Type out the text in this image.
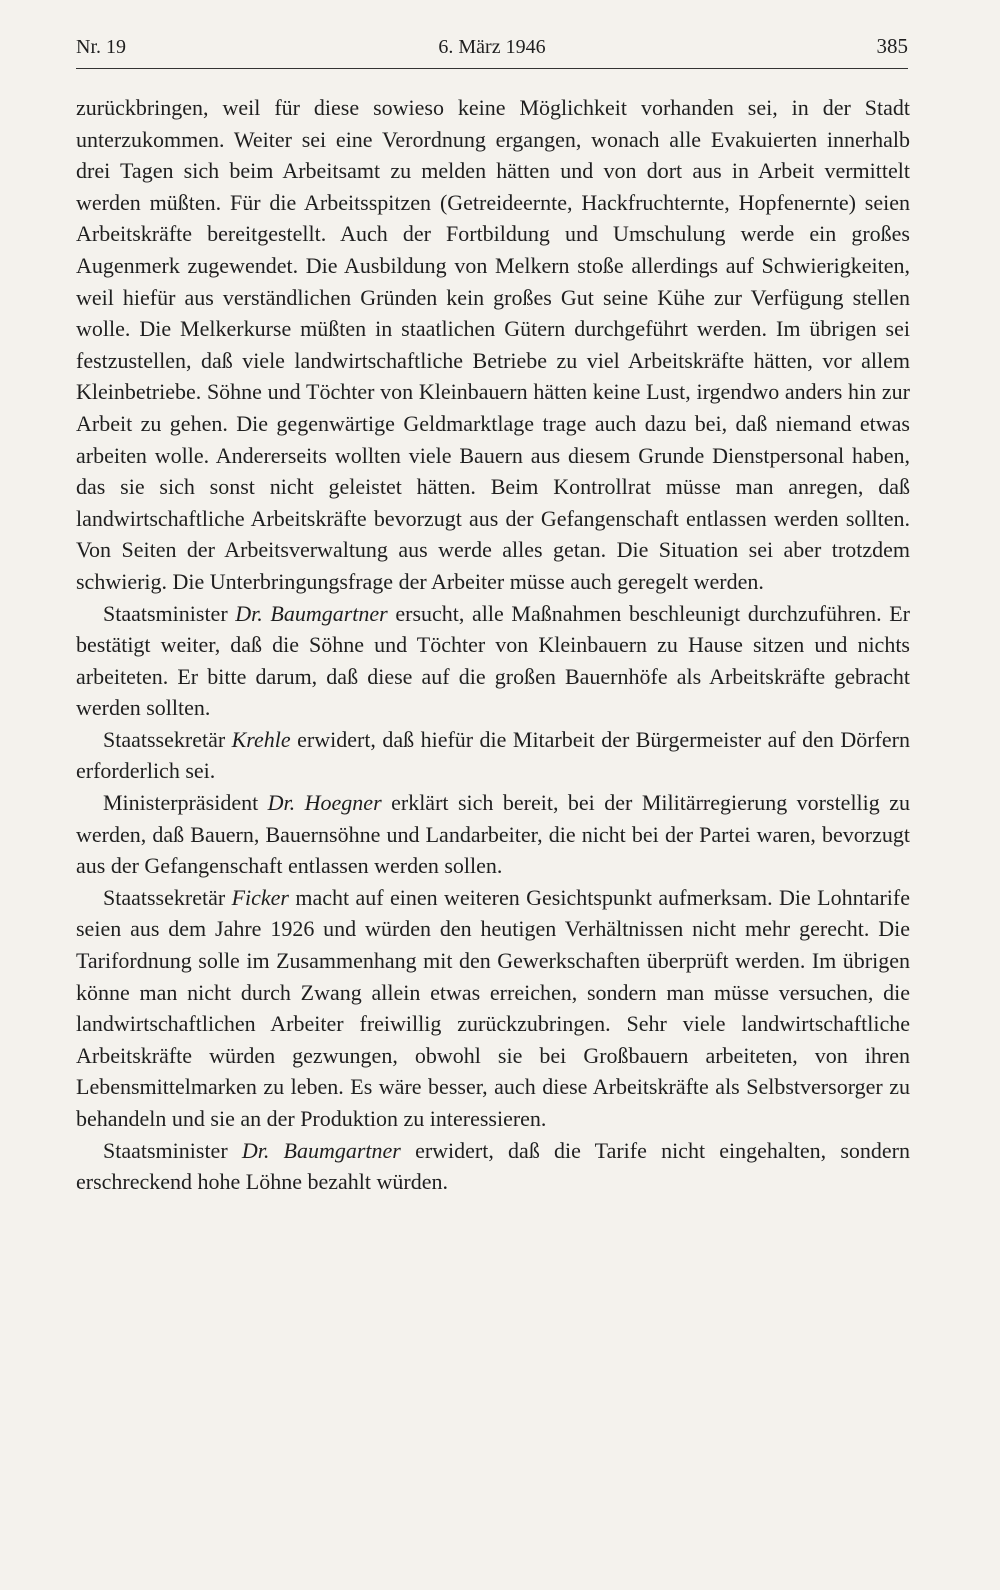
Nr. 19	6. März 1946	385

zurückbringen, weil für diese sowieso keine Möglichkeit vorhanden sei, in der Stadt unterzukommen. Weiter sei eine Verordnung ergangen, wonach alle Evakuierten innerhalb drei Tagen sich beim Arbeitsamt zu melden hätten und von dort aus in Arbeit vermittelt werden müßten. Für die Arbeitsspitzen (Getreideernte, Hackfruchternte, Hopfenernte) seien Arbeitskräfte bereitgestellt. Auch der Fortbildung und Umschulung werde ein großes Augenmerk zugewendet. Die Ausbildung von Melkern stoße allerdings auf Schwierigkeiten, weil hiefür aus verständlichen Gründen kein großes Gut seine Kühe zur Verfügung stellen wolle. Die Melkerkurse müßten in staatlichen Gütern durchgeführt werden. Im übrigen sei festzustellen, daß viele landwirtschaftliche Betriebe zu viel Arbeitskräfte hätten, vor allem Kleinbetriebe. Söhne und Töchter von Kleinbauern hätten keine Lust, irgendwo anders hin zur Arbeit zu gehen. Die gegenwärtige Geldmarktlage trage auch dazu bei, daß niemand etwas arbeiten wolle. Andererseits wollten viele Bauern aus diesem Grunde Dienstpersonal haben, das sie sich sonst nicht geleistet hätten. Beim Kontrollrat müsse man anregen, daß landwirtschaftliche Arbeitskräfte bevorzugt aus der Gefangenschaft entlassen werden sollten. Von Seiten der Arbeitsverwaltung aus werde alles getan. Die Situation sei aber trotzdem schwierig. Die Unterbringungsfrage der Arbeiter müsse auch geregelt werden.

Staatsminister Dr. Baumgartner ersucht, alle Maßnahmen beschleunigt durchzuführen. Er bestätigt weiter, daß die Söhne und Töchter von Kleinbauern zu Hause sitzen und nichts arbeiteten. Er bitte darum, daß diese auf die großen Bauernhöfe als Arbeitskräfte gebracht werden sollten.

Staatssekretär Krehle erwidert, daß hiefür die Mitarbeit der Bürgermeister auf den Dörfern erforderlich sei.

Ministerpräsident Dr. Hoegner erklärt sich bereit, bei der Militärregierung vorstellig zu werden, daß Bauern, Bauernsöhne und Landarbeiter, die nicht bei der Partei waren, bevorzugt aus der Gefangenschaft entlassen werden sollen.

Staatssekretär Ficker macht auf einen weiteren Gesichtspunkt aufmerksam. Die Lohntarife seien aus dem Jahre 1926 und würden den heutigen Verhältnissen nicht mehr gerecht. Die Tarifordnung solle im Zusammenhang mit den Gewerkschaften überprüft werden. Im übrigen könne man nicht durch Zwang allein etwas erreichen, sondern man müsse versuchen, die landwirtschaftlichen Arbeiter freiwillig zurückzubringen. Sehr viele landwirtschaftliche Arbeitskräfte würden gezwungen, obwohl sie bei Großbauern arbeiteten, von ihren Lebensmittelmarken zu leben. Es wäre besser, auch diese Arbeitskräfte als Selbstversorger zu behandeln und sie an der Produktion zu interessieren.

Staatsminister Dr. Baumgartner erwidert, daß die Tarife nicht eingehalten, sondern erschreckend hohe Löhne bezahlt würden.
